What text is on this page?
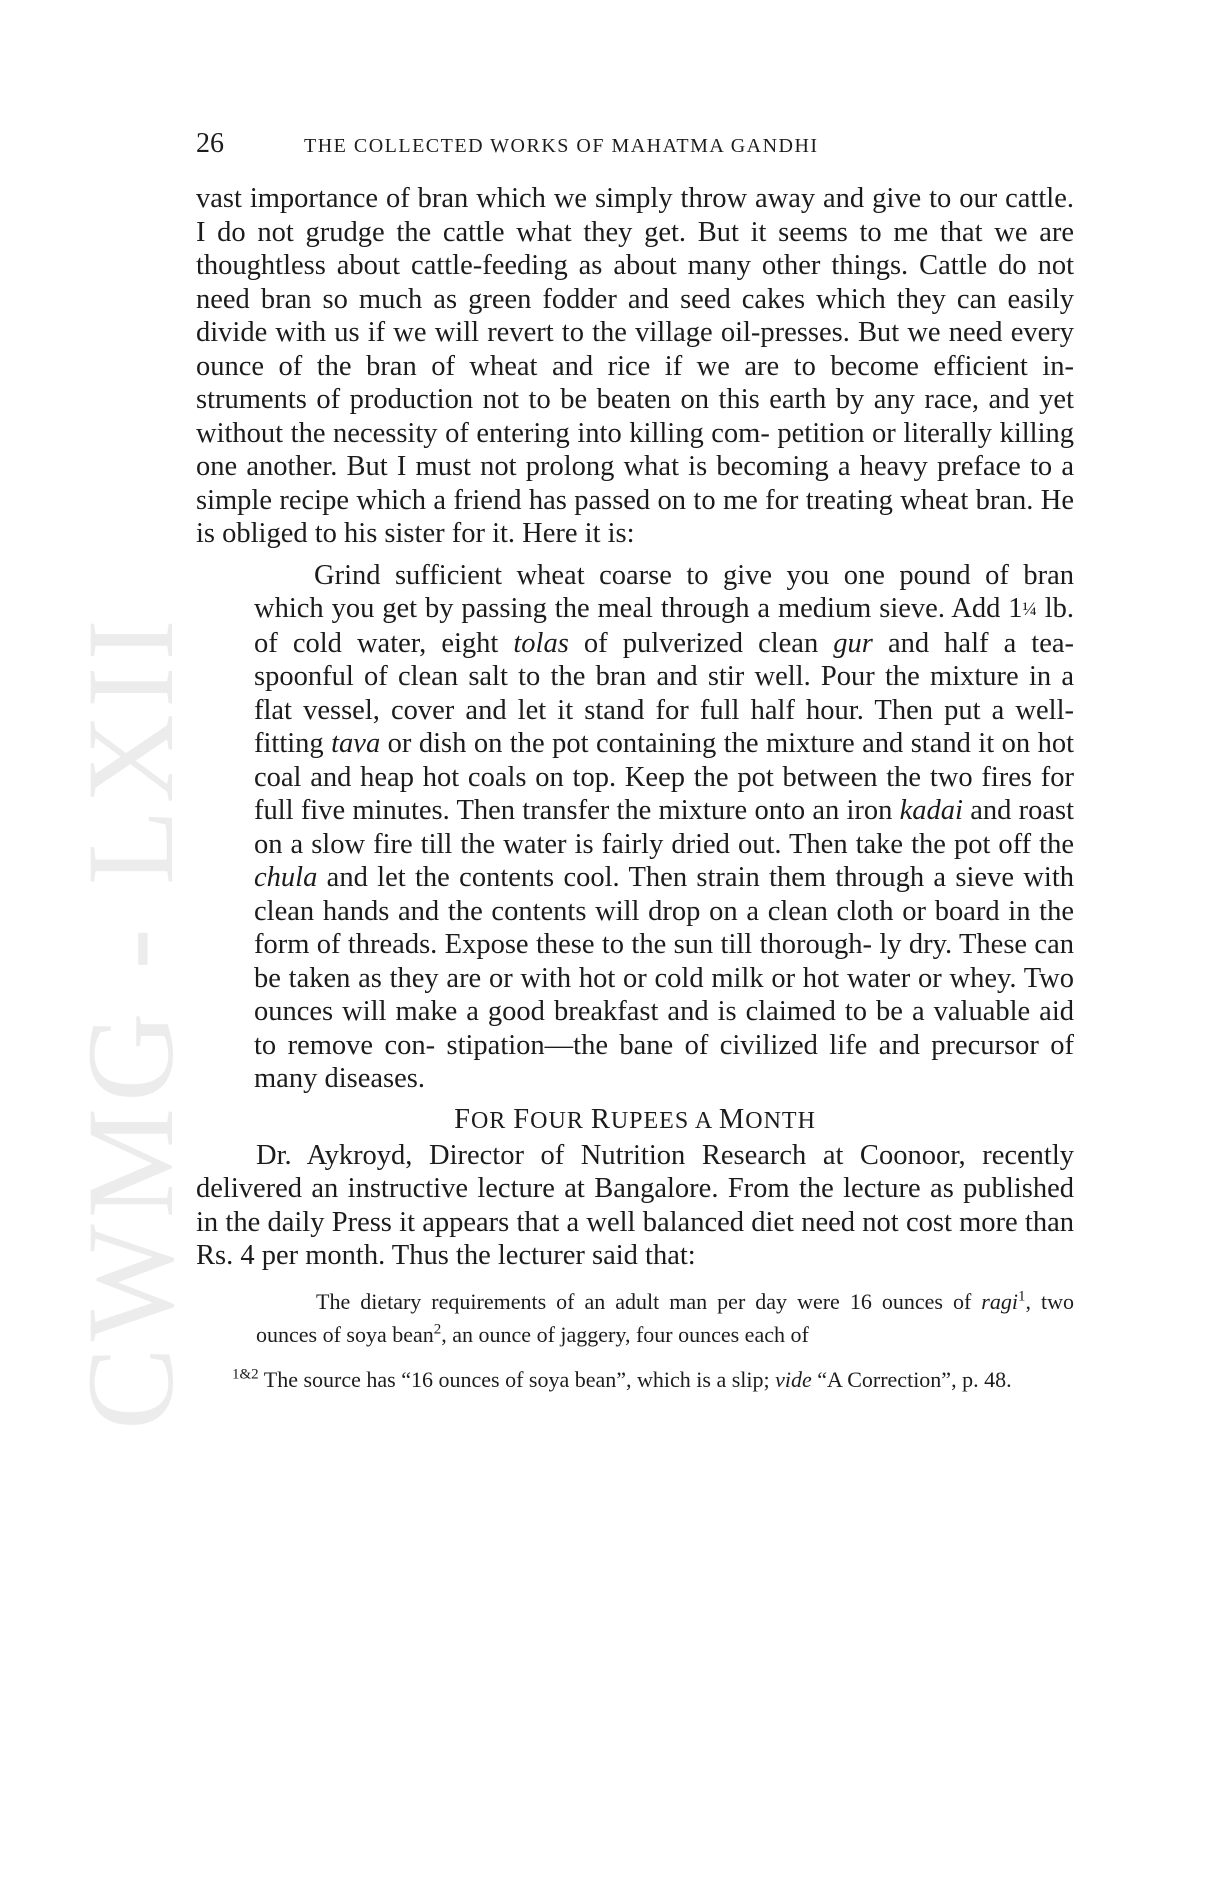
CWMG - LXII
26	THE COLLECTED WORKS OF MAHATMA GANDHI

vast importance of bran which we simply throw away and give to our cattle. I do not grudge the cattle what they get. But it seems to me that we are thoughtless about cattle-feeding as about many other things. Cattle do not need bran so much as green fodder and seed cakes which they can easily divide with us if we will revert to the village oil-presses. But we need every ounce of the bran of wheat and rice if we are to become efficient in- struments of production not to be beaten on this earth by any race, and yet without the necessity of entering into killing com- petition or literally killing one another. But I must not prolong what is becoming a heavy preface to a simple recipe which a friend has passed on to me for treating wheat bran. He is obliged to his sister for it. Here it is:

Grind sufficient wheat coarse to give you one pound of bran which you get by passing the meal through a medium sieve. Add 1¼ lb. of cold water, eight tolas of pulverized clean gur and half a tea-spoonful of clean salt to the bran and stir well. Pour the mixture in a flat vessel, cover and let it stand for full half hour. Then put a well-fitting tava or dish on the pot containing the mixture and stand it on hot coal and heap hot coals on top. Keep the pot between the two fires for full five minutes. Then transfer the mixture onto an iron kadai and roast on a slow fire till the water is fairly dried out. Then take the pot off the chula and let the contents cool. Then strain them through a sieve with clean hands and the contents will drop on a clean cloth or board in the form of threads. Expose these to the sun till thorough- ly dry. These can be taken as they are or with hot or cold milk or hot water or whey. Two ounces will make a good breakfast and is claimed to be a valuable aid to remove con- stipation—the bane of civilized life and precursor of many diseases.

FOR FOUR RUPEES A MONTH

Dr. Aykroyd, Director of Nutrition Research at Coonoor, recently delivered an instructive lecture at Bangalore. From the lecture as published in the daily Press it appears that a well balanced diet need not cost more than Rs. 4 per month. Thus the lecturer said that:

The dietary requirements of an adult man per day were 16 ounces of ragi$^1$, two ounces of soya bean$^2$, an ounce of jaggery, four ounces each of

$^{1\&2}$ The source has “16 ounces of soya bean”, which is a slip; vide “A Correction”, p. 48.
